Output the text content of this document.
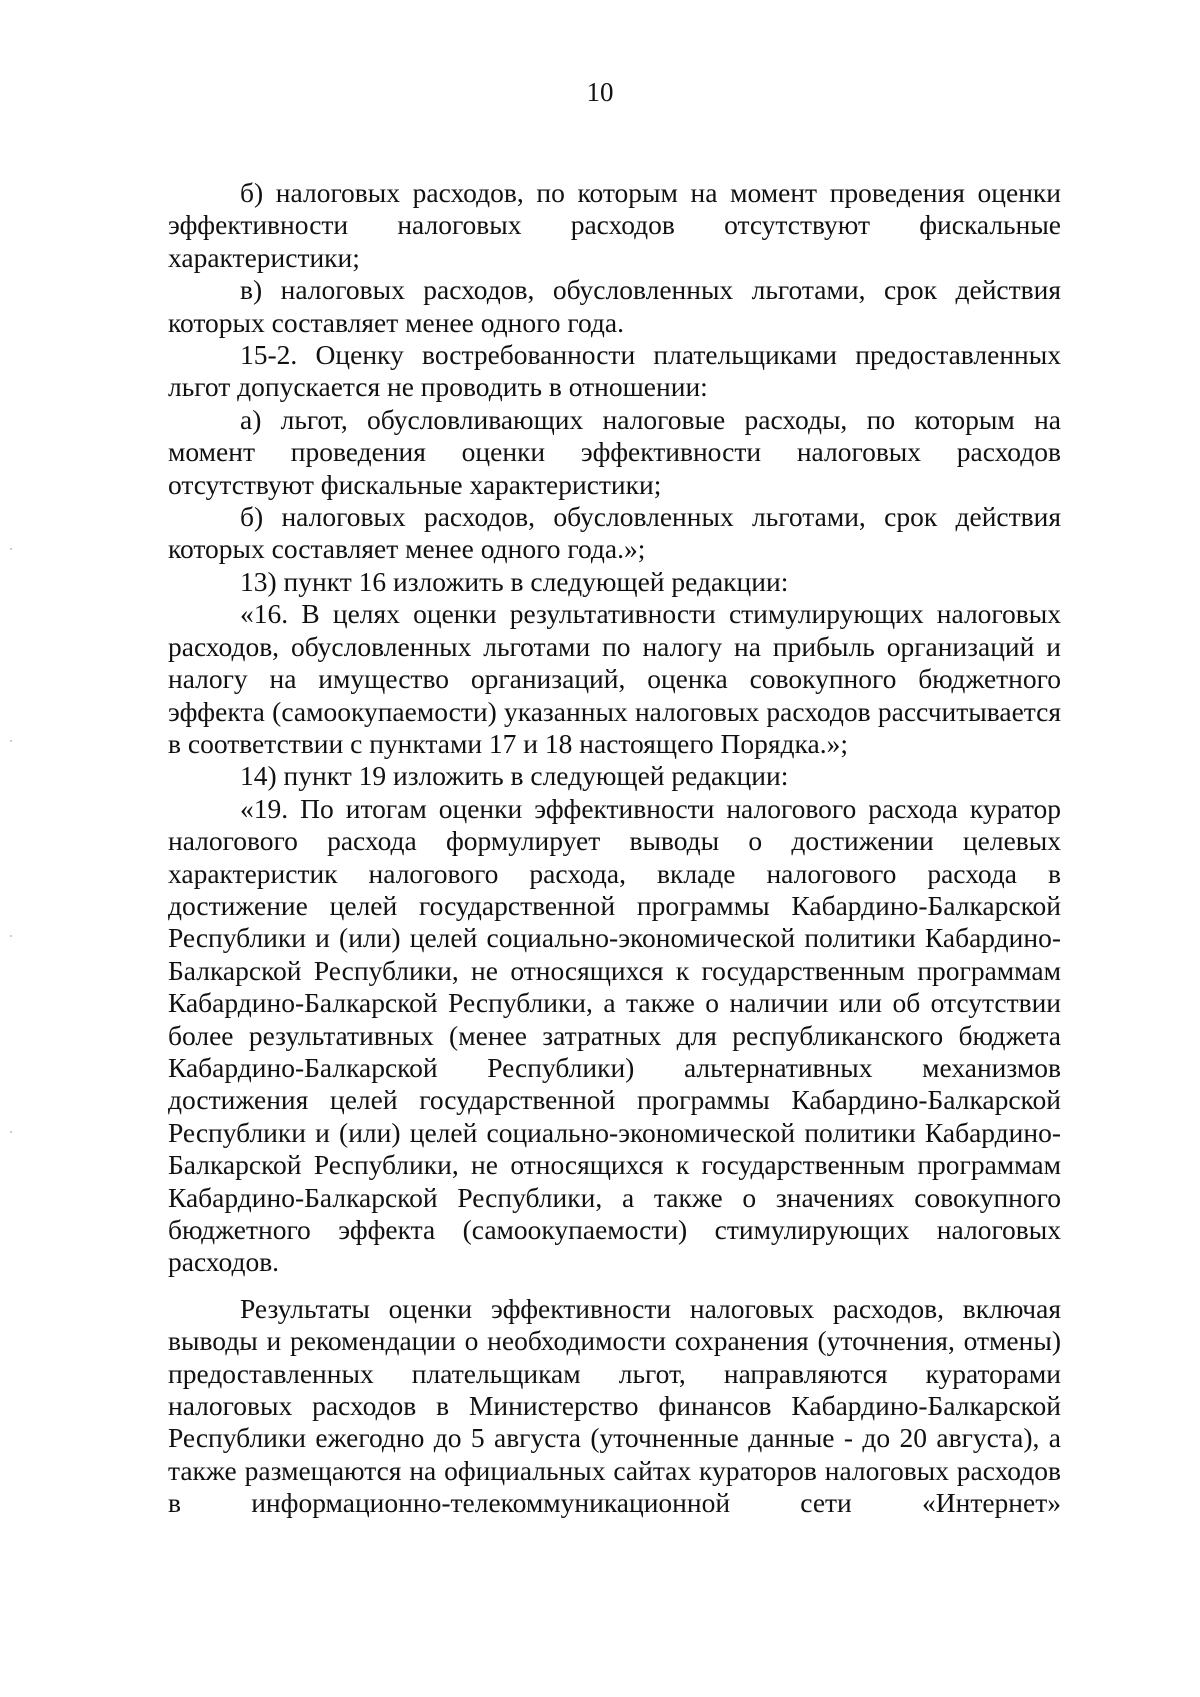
10

б) налоговых расходов, по которым на момент проведения оценки эффективности налоговых расходов отсутствуют фискальные характеристики;

в) налоговых расходов, обусловленных льготами, срок действия которых составляет менее одного года.

15-2. Оценку востребованности плательщиками предоставленных льгот допускается не проводить в отношении:

а) льгот, обусловливающих налоговые расходы, по которым на момент проведения оценки эффективности налоговых расходов отсутствуют фискальные характеристики;

б) налоговых расходов, обусловленных льготами, срок действия которых составляет менее одного года.»;

13) пункт 16 изложить в следующей редакции:

«16. В целях оценки результативности стимулирующих налоговых расходов, обусловленных льготами по налогу на прибыль организаций и налогу на имущество организаций, оценка совокупного бюджетного эффекта (самоокупаемости) указанных налоговых расходов рассчитывается в соответствии с пунктами 17 и 18 настоящего Порядка.»;

14) пункт 19 изложить в следующей редакции:

«19. По итогам оценки эффективности налогового расхода куратор налогового расхода формулирует выводы о достижении целевых характеристик налогового расхода, вкладе налогового расхода в достижение целей государственной программы Кабардино-Балкарской Республики и (или) целей социально-экономической политики Кабардино-Балкарской Республики, не относящихся к государственным программам Кабардино-Балкарской Республики, а также о наличии или об отсутствии более результативных (менее затратных для республиканского бюджета Кабардино-Балкарской Республики) альтернативных механизмов достижения целей государственной программы Кабардино-Балкарской Республики и (или) целей социально-экономической политики Кабардино-Балкарской Республики, не относящихся к государственным программам Кабардино-Балкарской Республики, а также о значениях совокупного бюджетного эффекта (самоокупаемости) стимулирующих налоговых расходов.

Результаты оценки эффективности налоговых расходов, включая выводы и рекомендации о необходимости сохранения (уточнения, отмены) предоставленных плательщикам льгот, направляются кураторами налоговых расходов в Министерство финансов Кабардино-Балкарской Республики ежегодно до 5 августа (уточненные данные - до 20 августа), а также размещаются на официальных сайтах кураторов налоговых расходов в информационно-телекоммуникационной сети «Интернет»
